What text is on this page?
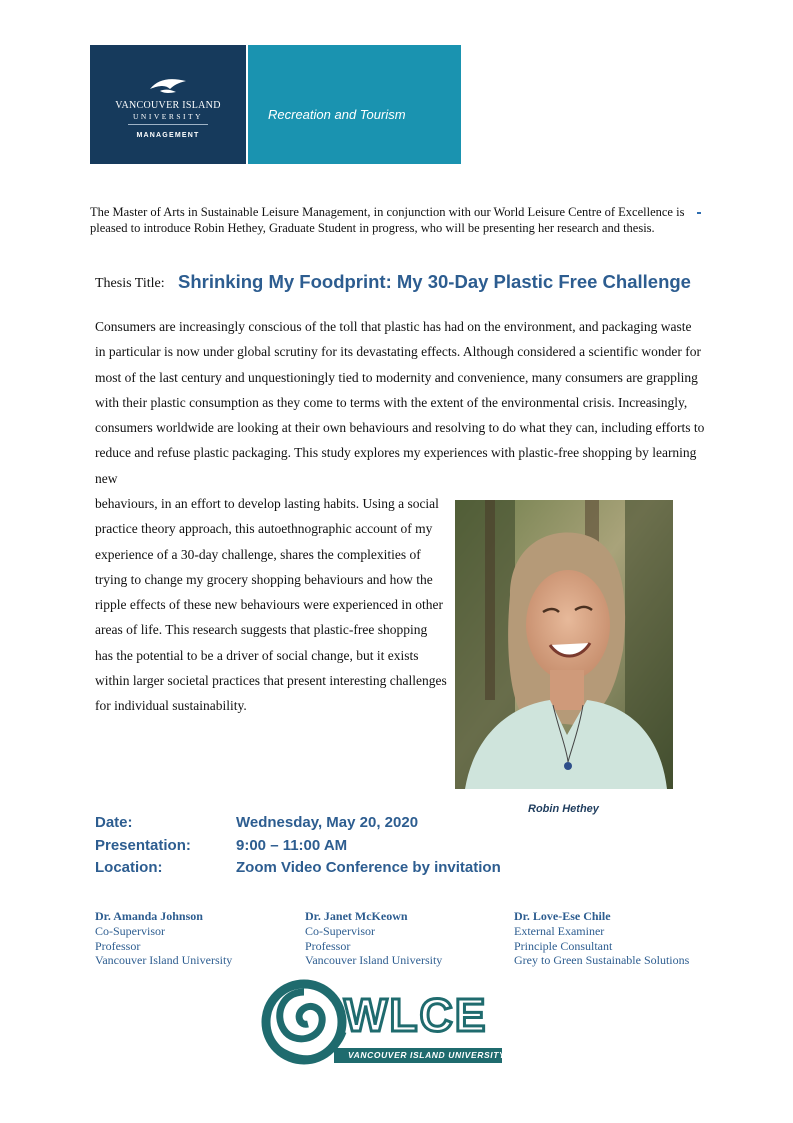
VANCOUVER ISLAND
UNIVERSITY
MANAGEMENT
Recreation and Tourism
The Master of Arts in Sustainable Leisure Management, in conjunction with our World Leisure Centre of Excellence is pleased to introduce Robin Hethey, Graduate Student in progress, who will be presenting her research and thesis.
Thesis Title: Shrinking My Foodprint: My 30-Day Plastic Free Challenge
Consumers are increasingly conscious of the toll that plastic has had on the environment, and packaging waste in particular is now under global scrutiny for its devastating effects. Although considered a scientific wonder for most of the last century and unquestioningly tied to modernity and convenience, many consumers are grappling with their plastic consumption as they come to terms with the extent of the environmental crisis. Increasingly, consumers worldwide are looking at their own behaviours and resolving to do what they can, including efforts to reduce and refuse plastic packaging. This study explores my experiences with plastic-free shopping by learning new
behaviours, in an effort to develop lasting habits. Using a social practice theory approach, this autoethnographic account of my experience of a 30-day challenge, shares the complexities of trying to change my grocery shopping behaviours and how the ripple effects of these new behaviours were experienced in other areas of life. This research suggests that plastic-free shopping has the potential to be a driver of social change, but it exists within larger societal practices that present interesting challenges for individual sustainability.
Robin Hethey
Date:	Wednesday, May 20, 2020
Presentation:	9:00 – 11:00 AM
Location:	Zoom Video Conference by invitation
Dr. Amanda Johnson
Co-Supervisor
Professor
Vancouver Island University
Dr. Janet McKeown
Co-Supervisor
Professor
Vancouver Island University
Dr. Love-Ese Chile
External Examiner
Principle Consultant
Grey to Green Sustainable Solutions
WLCE
VANCOUVER ISLAND UNIVERSITY
